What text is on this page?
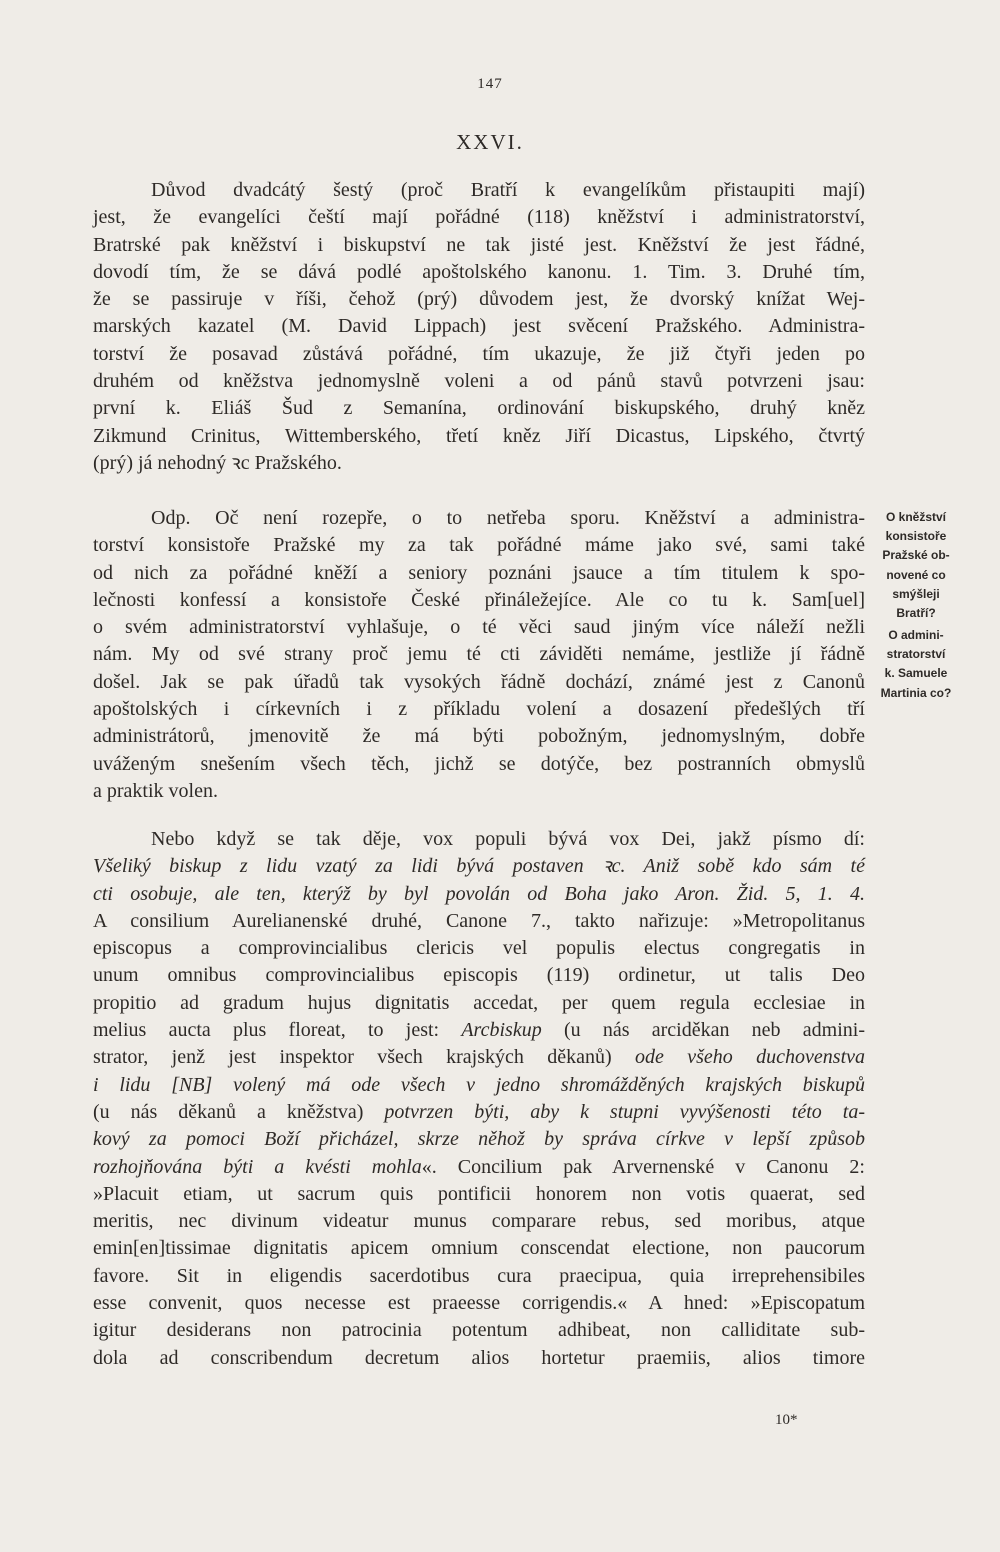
147
XXVI.
Důvod dvadcátý šestý (proč Bratří k evangelíkům přistaupiti mají)
jest, že evangelíci čeští mají pořádné (118) kněžství i administratorství,
Bratrské pak kněžství i biskupství ne tak jisté jest. Kněžství že jest řádné,
dovodí tím, že se dává podlé apoštolského kanonu. 1. Tim. 3. Druhé tím,
že se passiruje v říši, čehož (prý) důvodem jest, že dvorský knížat Wej-
marských kazatel (M. David Lippach) jest svěcení Pražského. Administra-
torství že posavad zůstává pořádné, tím ukazuje, že již čtyři jeden po
druhém od kněžstva jednomyslně voleni a od pánů stavů potvrzeni jsau:
první k. Eliáš Šud z Semanína, ordinování biskupského, druhý kněz
Zikmund Crinitus, Wittemberského, třetí kněz Jiří Dicastus, Lipského, čtvrtý
(prý) já nehodný ꝛc Pražského.
Odp. Oč není rozepře, o to netřeba sporu. Kněžství a administra-
torství konsistoře Pražské my za tak pořádné máme jako své, sami také
od nich za pořádné kněží a seniory poznáni jsauce a tím titulem k spo-
lečnosti konfessí a konsistoře České přináležejíce. Ale co tu k. Sam[uel]
o svém administratorství vyhlašuje, o té věci saud jiným více náleží nežli
nám. My od své strany proč jemu té cti záviděti nemáme, jestliže jí řádně
došel. Jak se pak úřadů tak vysokých řádně dochází, známé jest z Canonů
apoštolských i církevních i z příkladu volení a dosazení předešlých tří
administrátorů, jmenovitě že má býti pobožným, jednomyslným, dobře
uváženým snešením všech těch, jichž se dotýče, bez postranních obmyslů
a praktik volen.
Nebo když se tak děje, vox populi bývá vox Dei, jakž písmo dí:
Všeliký biskup z lidu vzatý za lidi bývá postaven ꝛc. Aniž sobě kdo sám té
cti osobuje, ale ten, kterýž by byl povolán od Boha jako Aron. Žid. 5, 1. 4.
A consilium Aurelianenské druhé, Canone 7., takto nařizuje: »Metropolitanus
episcopus a comprovincialibus clericis vel populis electus congregatis in
unum omnibus comprovincialibus episcopis (119) ordinetur, ut talis Deo
propitio ad gradum hujus dignitatis accedat, per quem regula ecclesiae in
melius aucta plus floreat, to jest: Arcbiskup (u nás arciděkan neb admini-
strator, jenž jest inspektor všech krajských děkanů) ode všeho duchovenstva
i lidu [NB] volený má ode všech v jedno shromážděných krajských biskupů
(u nás děkanů a kněžstva) potvrzen býti, aby k stupni vyvýšenosti této ta-
kový za pomoci Boží přicházel, skrze něhož by správa církve v lepší způsob
rozhojňována býti a kvésti mohla«. Concilium pak Arvernenské v Canonu 2:
»Placuit etiam, ut sacrum quis pontificii honorem non votis quaerat, sed
meritis, nec divinum videatur munus comparare rebus, sed moribus, atque
emin[en]tissimae dignitatis apicem omnium conscendat electione, non paucorum
favore. Sit in eligendis sacerdotibus cura praecipua, quia irreprehensibiles
esse convenit, quos necesse est praeesse corrigendis.« A hned: »Episcopatum
igitur desiderans non patrocinia potentum adhibeat, non calliditate sub-
dola ad conscribendum decretum alios hortetur praemiis, alios timore
O kněžství
konsistoře
Pražské ob-
novené co
smýšleji
Bratří?
O admini-
stratorství
k. Samuele
Martinia co?
10*
